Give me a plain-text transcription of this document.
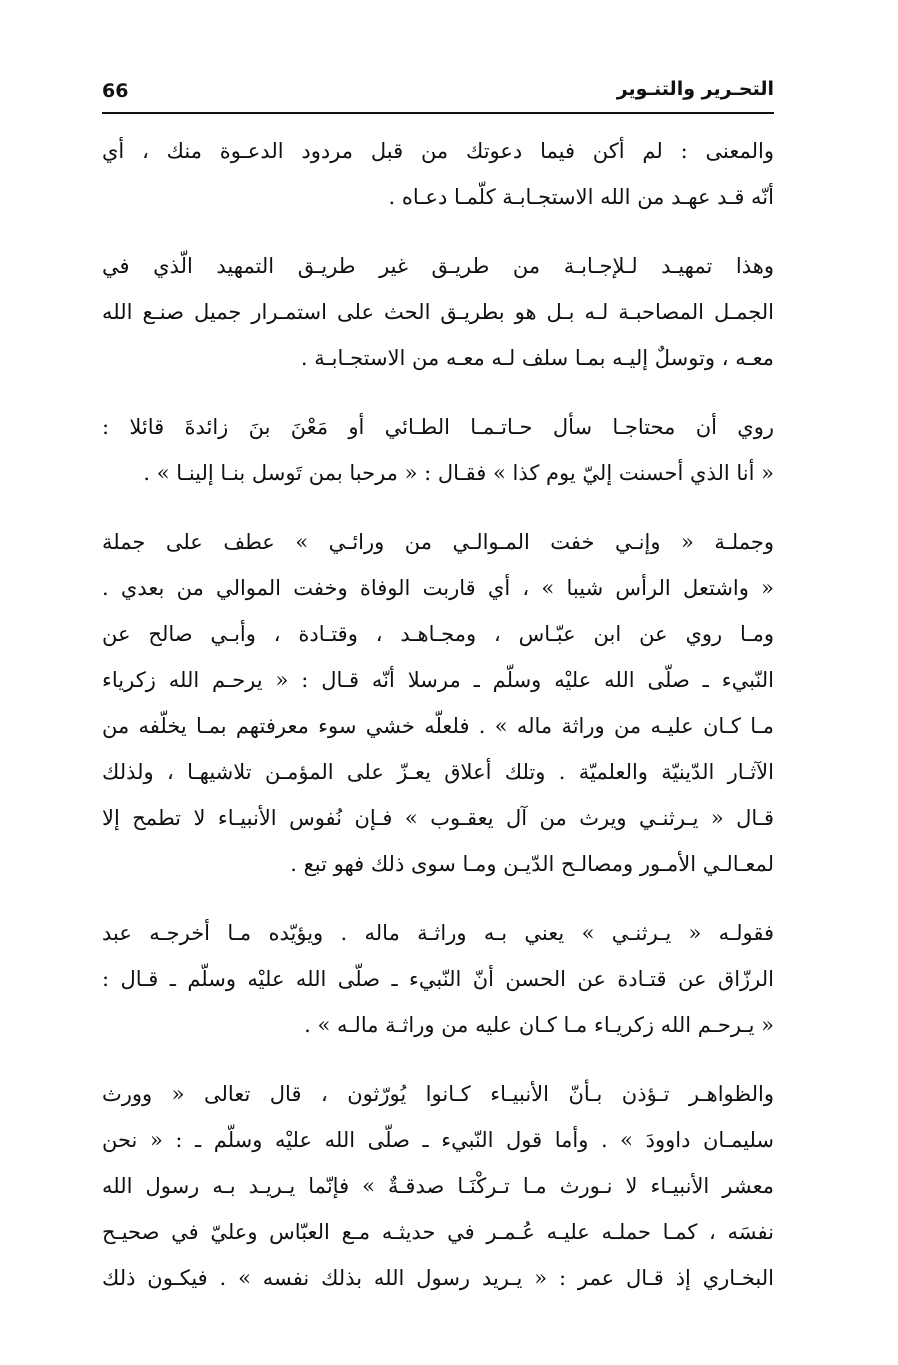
66	التحـرير والتنـوير
والمعنى : لم أكن فيما دعوتك من قبل مردود الدعـوة منك ، أي
أنّه قـد عهـد من الله الاستجـابـة كلّمـا دعـاه .
وهذا تمهيـد لـلإجـابـة من طريـق غير طريـق التمهيد الّذي في
الجمـل المصاحبـة لـه بـل هو بطريـق الحث على استمـرار جميل صنـع الله
معـه ، وتوسلٌ إليـه بمـا سلف لـه معـه من الاستجـابـة .
روي أن محتاجـا سأل حـاتـمـا الطـائي أو مَعْنَ بنَ زائدةَ قائلا :
« أنا الذي أحسنت إليّ يوم كذا » فقـال : « مرحبا بمن تَوسل بنـا إلينـا » .
وجملـة « وإنـي خفت المـوالـي من ورائـي » عطف على جملة
« واشتعل الرأس شيبا » ، أي قاربت الوفاة وخفت الموالي من بعدي .
ومـا روي عن ابن عبّـاس ، ومجـاهـد ، وقتـادة ، وأبـي صالح عن
النّبيء ـ صلّى الله عليْه وسلّم ـ مرسلا أنّه قـال : « يرحـم الله زكرياء
مـا كـان عليـه من وراثة ماله » . فلعلّه خشي سوء معرفتهم بمـا يخلّفه من
الآثـار الدّينيّة والعلميّة . وتلك أعلاق يعـزّ على المؤمـن تلاشيهـا ، ولذلك
قـال « يـرثنـي ويرث من آل يعقـوب » فـإن نُفوس الأنبيـاء لا تطمح إلا
لمعـالـي الأمـور ومصالـح الدّيـن ومـا سوى ذلك فهو تبع .
فقولـه « يـرثنـي » يعني بـه وراثـة ماله . ويؤيّده مـا أخرجـه عبد
الرزّاق عن قتـادة عن الحسن أنّ النّبيء ـ صلّى الله عليْه وسلّم ـ قـال :
« يـرحـم الله زكريـاء مـا كـان عليه من وراثـة مالـه » .
والظواهـر تـؤذن بـأنّ الأنبيـاء كـانوا يُورّثون ، قال تعالى « وورث
سليمـان داوودَ » . وأما قول النّبيء ـ صلّى الله عليْه وسلّم ـ : « نحن
معشر الأنبيـاء لا نـورث مـا تـركْنَـا صدقـةٌ » فإنّما يـريـد بـه رسول الله
نفسَه ، كمـا حملـه عليـه عُـمـر في حديثـه مـع العبّاس وعليّ في صحيـح
البخـاري إذ قـال عمر : « يـريد رسول الله بذلك نفسه » . فيكـون ذلك
